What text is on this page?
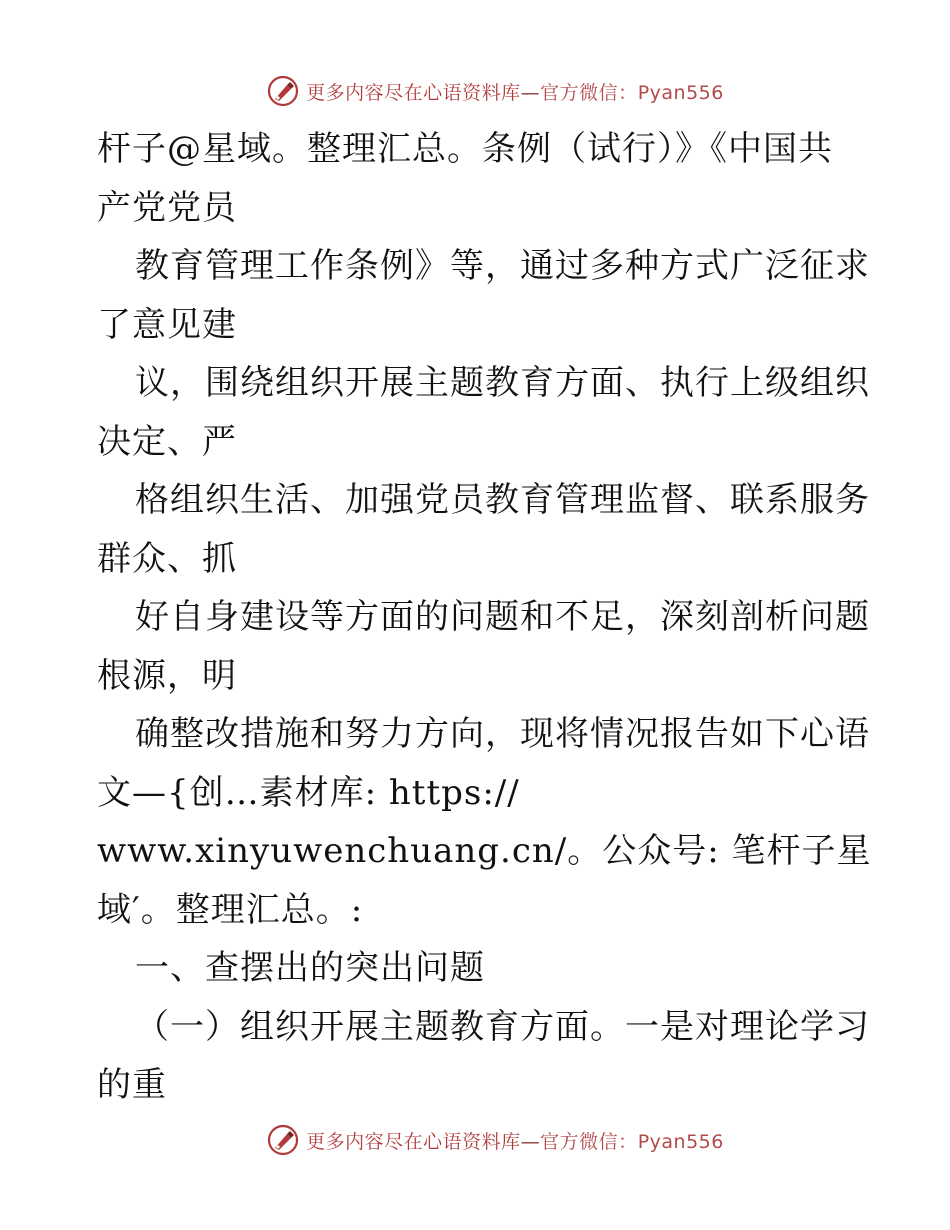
更多内容尽在心语资料库—官方微信：Pyan556
杆子@星域。整理汇总。条例（试行）》《中国共
产党党员
教育管理工作条例》等，通过多种方式广泛征求
了意见建
议，围绕组织开展主题教育方面、执行上级组织
决定、严
格组织生活、加强党员教育管理监督、联系服务
群众、抓
好自身建设等方面的问题和不足，深刻剖析问题
根源，明
确整改措施和努力方向，现将情况报告如下心语
文—{创…素材库: https://
www.xinyuwenchuang.cn/。公众号: 笔杆子星
域′。整理汇总。:
一、查摆出的突出问题
（一）组织开展主题教育方面。一是对理论学习
的重
更多内容尽在心语资料库—官方微信：Pyan556
